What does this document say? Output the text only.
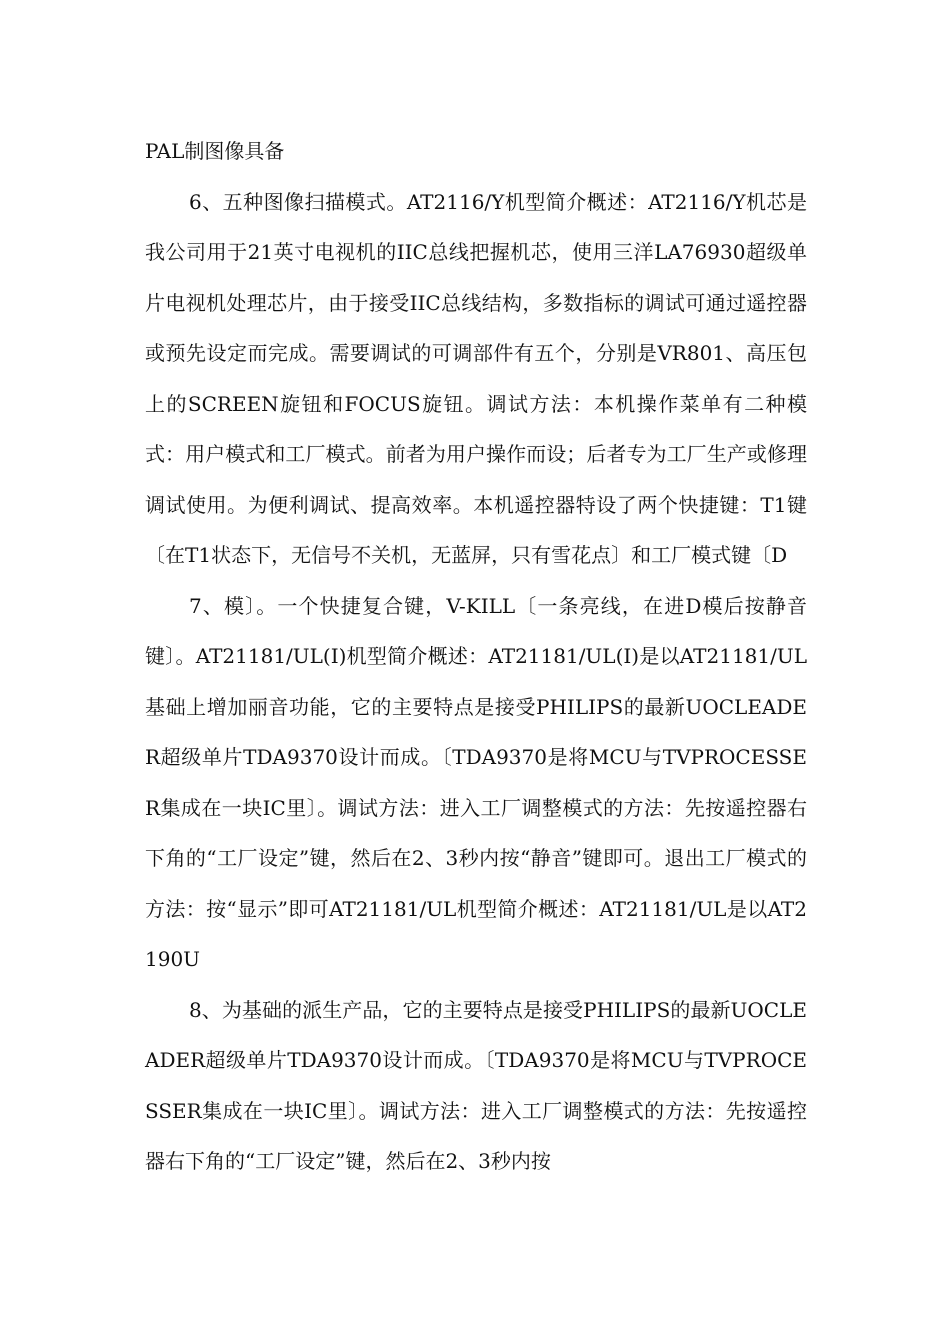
PAL制图像具备

6、五种图像扫描模式。AT2116/Y机型简介概述：AT2116/Y机芯是我公司用于21英寸电视机的IIC总线把握机芯，使用三洋LA76930超级单片电视机处理芯片，由于接受IIC总线结构，多数指标的调试可通过遥控器或预先设定而完成。需要调试的可调部件有五个，分别是VR801、高压包上的SCREEN旋钮和FOCUS旋钮。调试方法：本机操作菜单有二种模式：用户模式和工厂模式。前者为用户操作而设；后者专为工厂生产或修理调试使用。为便利调试、提高效率。本机遥控器特设了两个快捷键：T1键〔在T1状态下，无信号不关机，无蓝屏，只有雪花点〕和工厂模式键〔D

7、模〕。一个快捷复合键，V-KILL〔一条亮线，在进D模后按静音键〕。AT21181/UL(I)机型简介概述：AT21181/UL(I)是以AT21181/UL基础上增加丽音功能，它的主要特点是接受PHILIPS的最新UOCLEADER超级单片TDA9370设计而成。〔TDA9370是将MCU与TVPROCESSER集成在一块IC里〕。调试方法：进入工厂调整模式的方法：先按遥控器右下角的“工厂设定”键，然后在2、3秒内按“静音”键即可。退出工厂模式的方法：按“显示”即可AT21181/UL机型简介概述：AT21181/UL是以AT2190U

8、为基础的派生产品，它的主要特点是接受PHILIPS的最新UOCLEADER超级单片TDA9370设计而成。〔TDA9370是将MCU与TVPROCESSER集成在一块IC里〕。调试方法：进入工厂调整模式的方法：先按遥控器右下角的“工厂设定”键，然后在2、3秒内按
